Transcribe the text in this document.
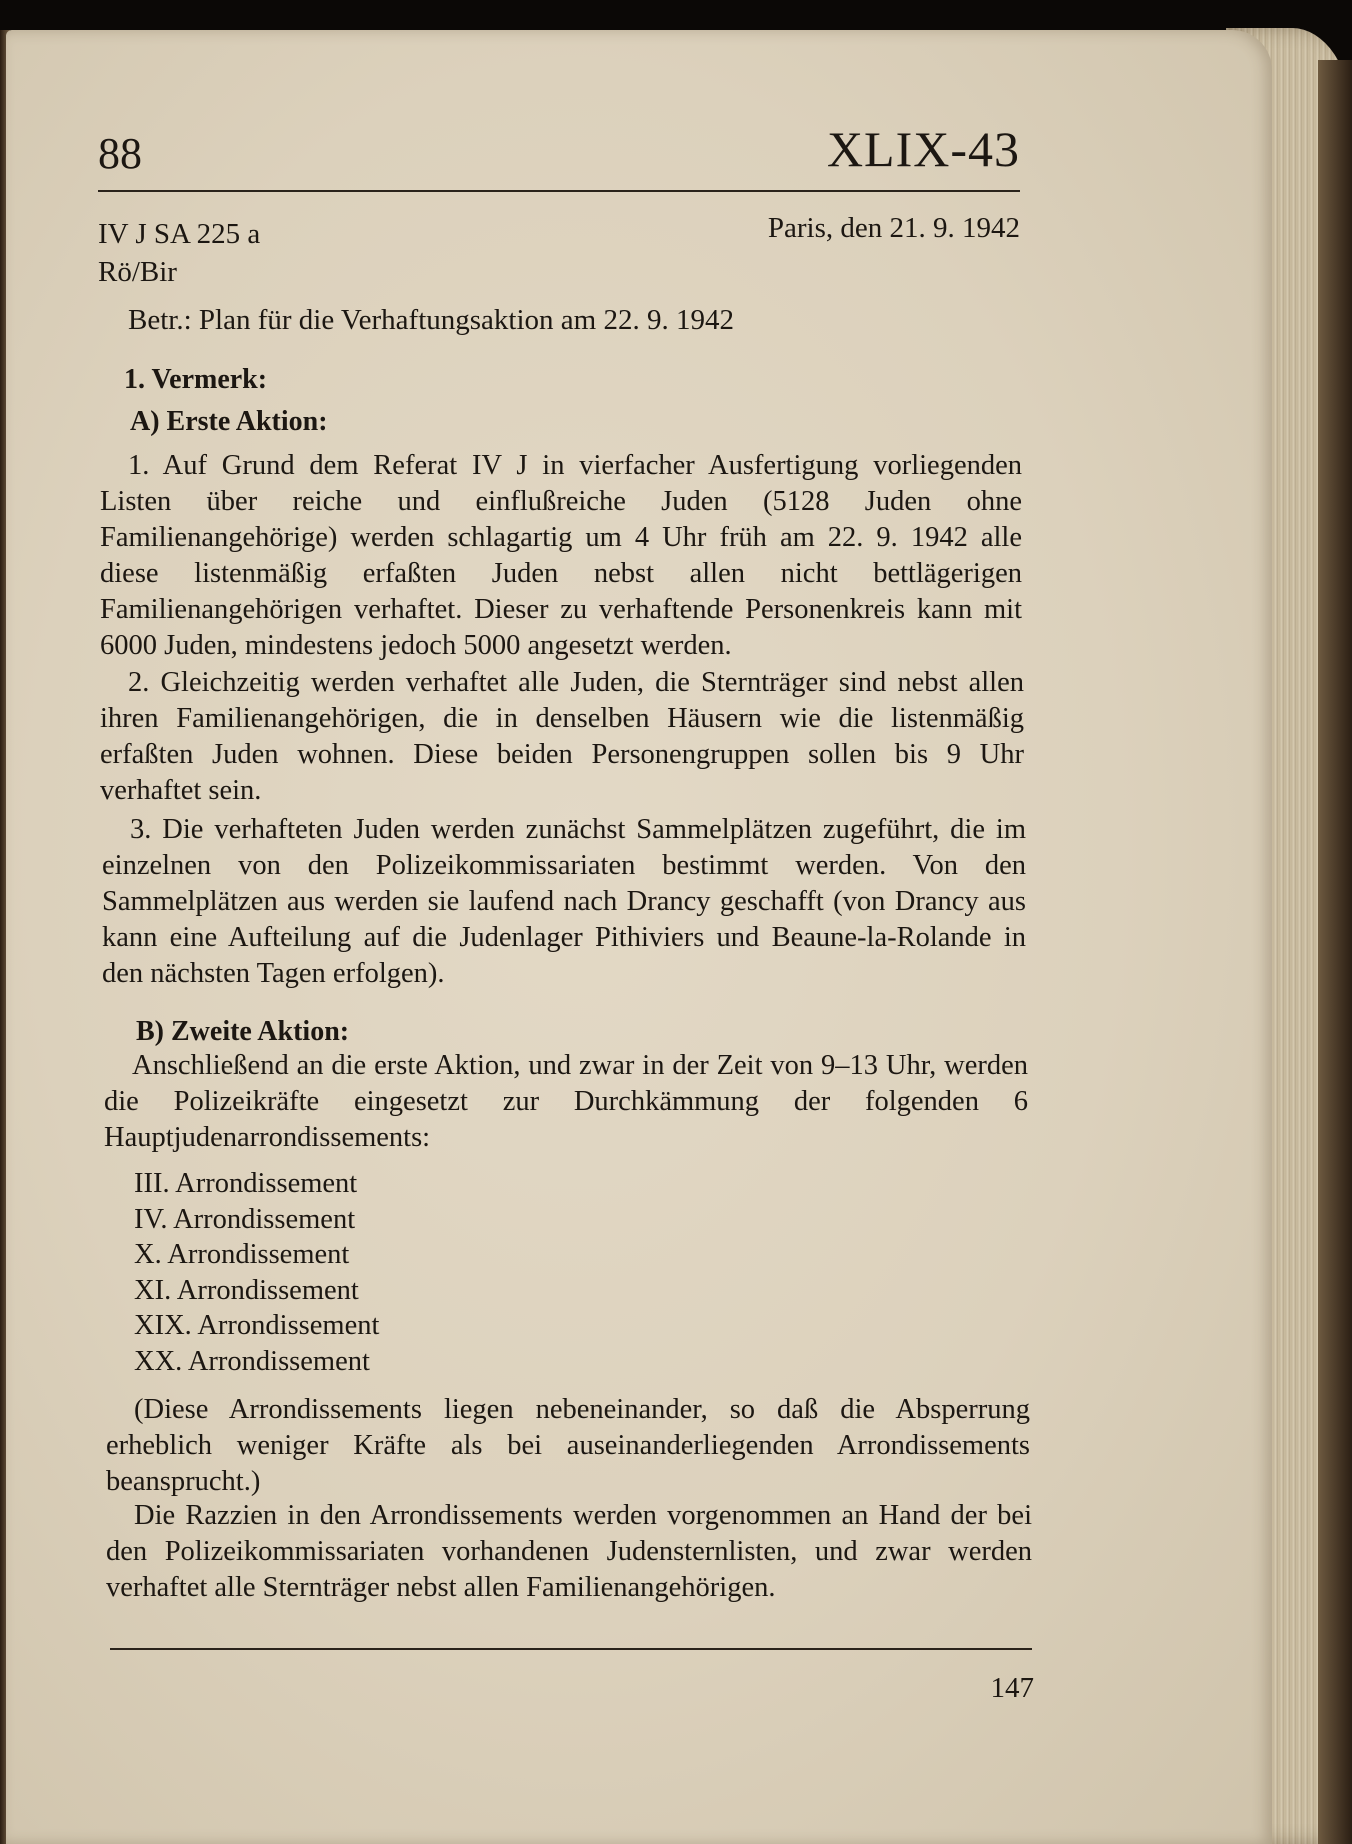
88	XLIX-43
IV J SA 225 a
Rö/Bir
Paris, den 21. 9. 1942
Betr.: Plan für die Verhaftungsaktion am 22. 9. 1942
1. Vermerk:
A) Erste Aktion:
1. Auf Grund dem Referat IV J in vierfacher Ausfertigung vorliegenden Listen über reiche und einflußreiche Juden (5128 Juden ohne Familienangehörige) werden schlagartig um 4 Uhr früh am 22. 9. 1942 alle diese listenmäßig erfaßten Juden nebst allen nicht bettlägerigen Familienangehörigen verhaftet. Dieser zu verhaftende Personenkreis kann mit 6000 Juden, mindestens jedoch 5000 angesetzt werden.
2. Gleichzeitig werden verhaftet alle Juden, die Sternträger sind nebst allen ihren Familienangehörigen, die in denselben Häusern wie die listenmäßig erfaßten Juden wohnen. Diese beiden Personengruppen sollen bis 9 Uhr verhaftet sein.
3. Die verhafteten Juden werden zunächst Sammelplätzen zugeführt, die im einzelnen von den Polizeikommissariaten bestimmt werden. Von den Sammelplätzen aus werden sie laufend nach Drancy geschafft (von Drancy aus kann eine Aufteilung auf die Judenlager Pithiviers und Beaune-la-Rolande in den nächsten Tagen erfolgen).
B) Zweite Aktion:
Anschließend an die erste Aktion, und zwar in der Zeit von 9–13 Uhr, werden die Polizeikräfte eingesetzt zur Durchkämmung der folgenden 6 Hauptjudenarrondissements:
III. Arrondissement
IV. Arrondissement
X. Arrondissement
XI. Arrondissement
XIX. Arrondissement
XX. Arrondissement
(Diese Arrondissements liegen nebeneinander, so daß die Absperrung erheblich weniger Kräfte als bei auseinanderliegenden Arrondissements beansprucht.)
Die Razzien in den Arrondissements werden vorgenommen an Hand der bei den Polizeikommissariaten vorhandenen Judensternlisten, und zwar werden verhaftet alle Sternträger nebst allen Familienangehörigen.
147
